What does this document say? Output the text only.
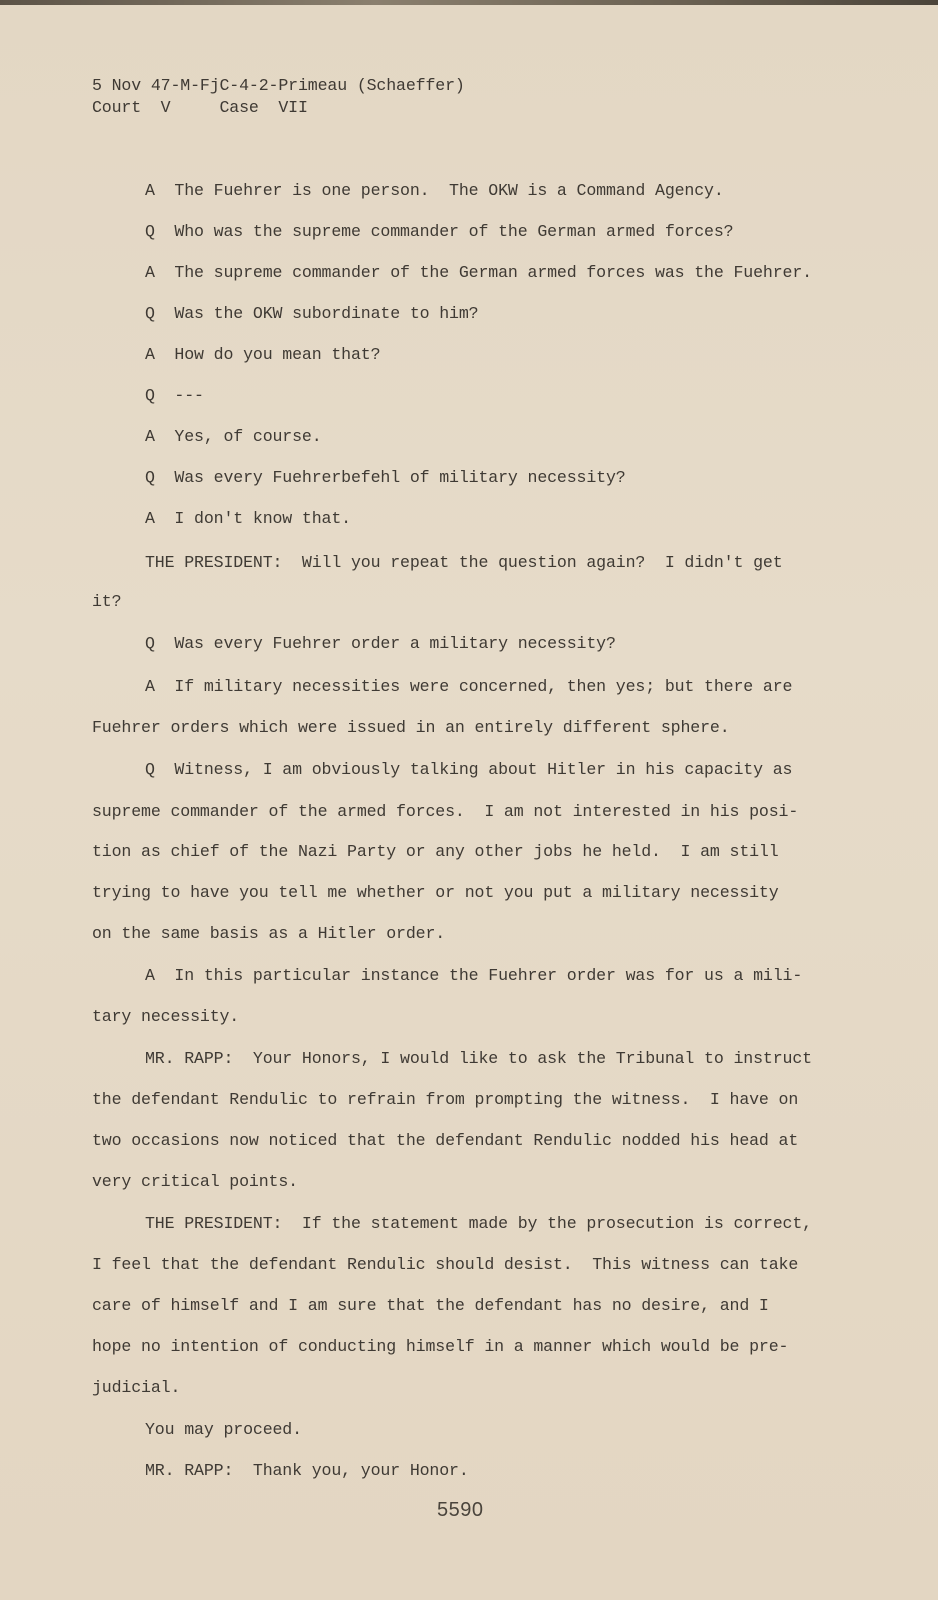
5 Nov 47-M-FjC-4-2-Primeau (Schaeffer)
Court  V     Case  VII
A  The Fuehrer is one person.  The OKW is a Command Agency.
Q  Who was the supreme commander of the German armed forces?
A  The supreme commander of the German armed forces was the Fuehrer.
Q  Was the OKW subordinate to him?
A  How do you mean that?
Q  ---
A  Yes, of course.
Q  Was every Fuehrerbefehl of military necessity?
A  I don't know that.
THE PRESIDENT:  Will you repeat the question again?  I didn't get
it?
Q  Was every Fuehrer order a military necessity?
A  If military necessities were concerned, then yes; but there are
Fuehrer orders which were issued in an entirely different sphere.
Q  Witness, I am obviously talking about Hitler in his capacity as
supreme commander of the armed forces.  I am not interested in his posi-
tion as chief of the Nazi Party or any other jobs he held.  I am still
trying to have you tell me whether or not you put a military necessity
on the same basis as a Hitler order.
A  In this particular instance the Fuehrer order was for us a mili-
tary necessity.
MR. RAPP:  Your Honors, I would like to ask the Tribunal to instruct
the defendant Rendulic to refrain from prompting the witness.  I have on
two occasions now noticed that the defendant Rendulic nodded his head at
very critical points.
THE PRESIDENT:  If the statement made by the prosecution is correct,
I feel that the defendant Rendulic should desist.  This witness can take
care of himself and I am sure that the defendant has no desire, and I
hope no intention of conducting himself in a manner which would be pre-
judicial.
You may proceed.
MR. RAPP:  Thank you, your Honor.
5590
